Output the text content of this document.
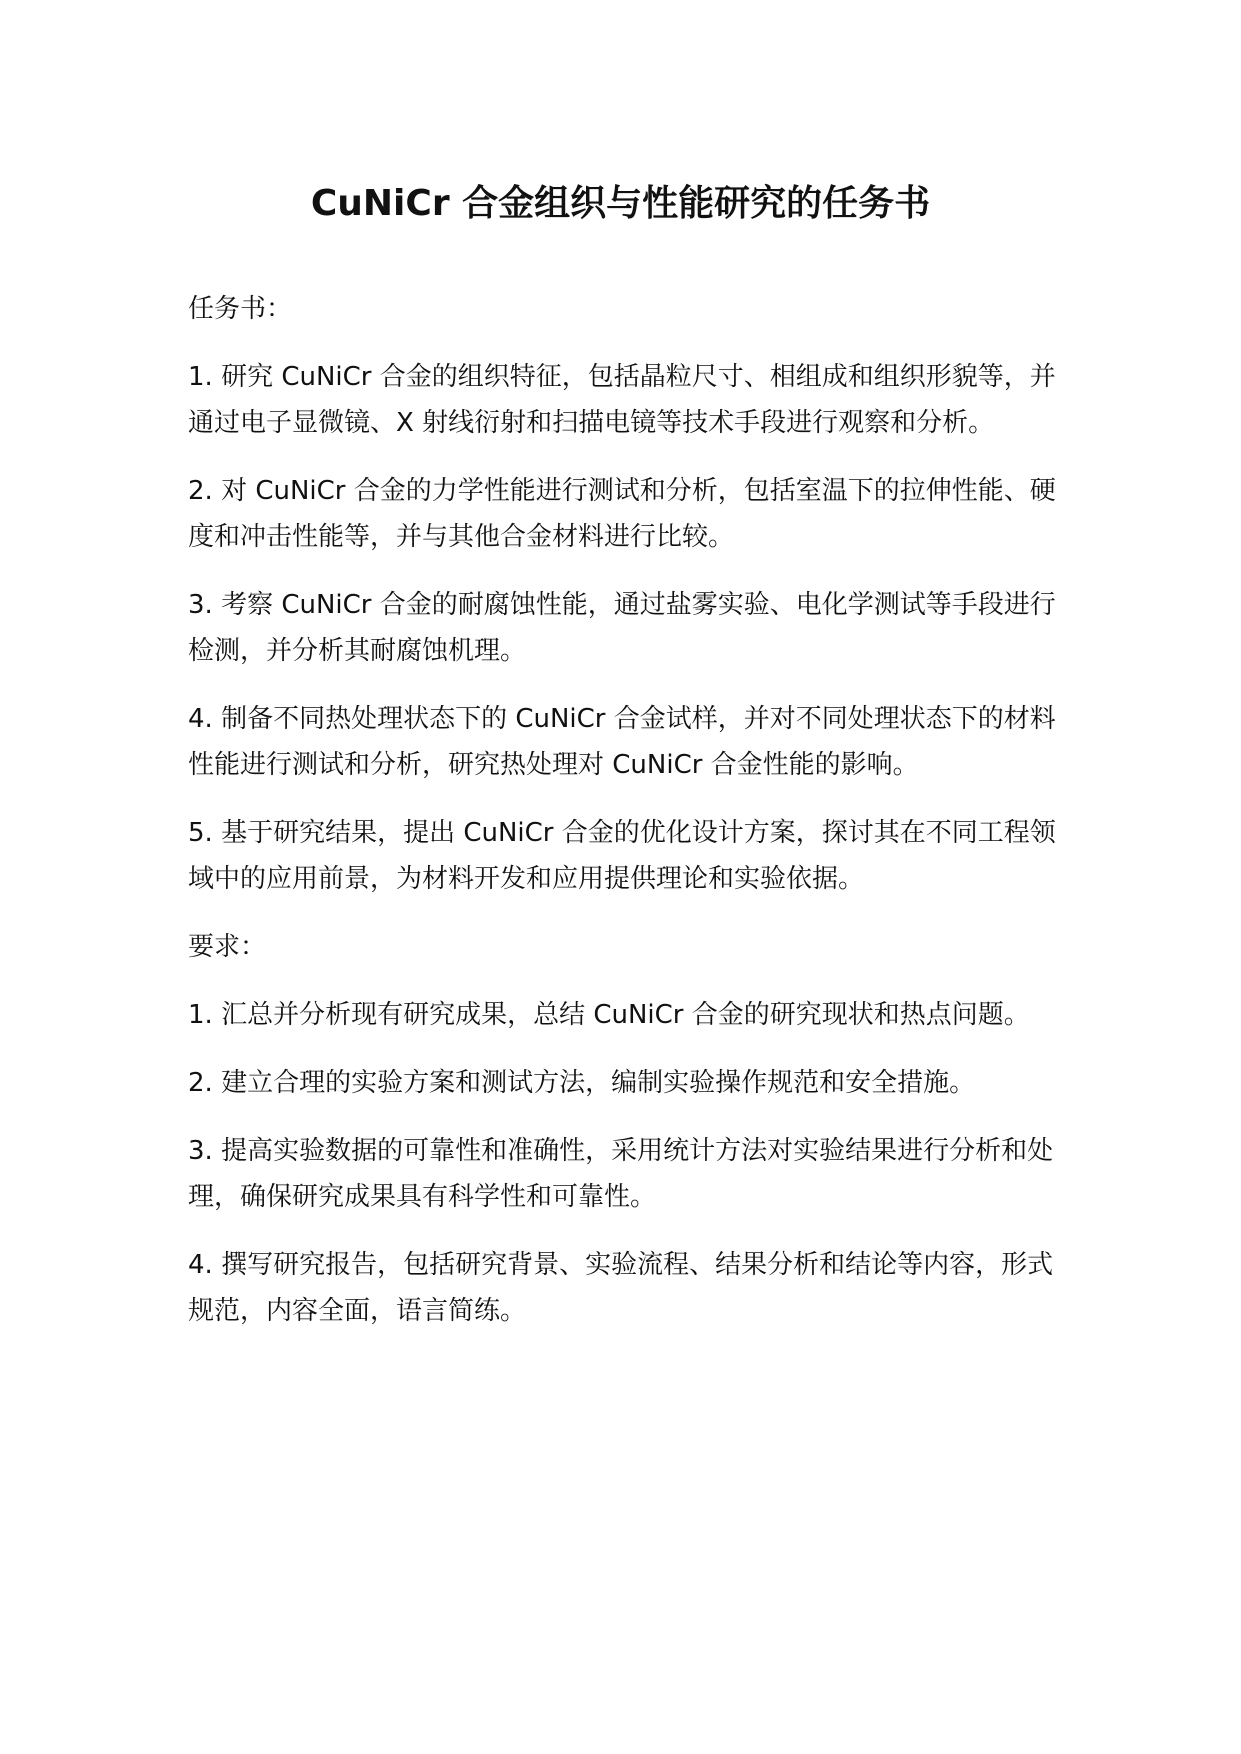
CuNiCr 合金组织与性能研究的任务书

任务书：

1. 研究 CuNiCr 合金的组织特征，包括晶粒尺寸、相组成和组织形貌等，并通过电子显微镜、X 射线衍射和扫描电镜等技术手段进行观察和分析。

2. 对 CuNiCr 合金的力学性能进行测试和分析，包括室温下的拉伸性能、硬度和冲击性能等，并与其他合金材料进行比较。

3. 考察 CuNiCr 合金的耐腐蚀性能，通过盐雾实验、电化学测试等手段进行检测，并分析其耐腐蚀机理。

4. 制备不同热处理状态下的 CuNiCr 合金试样，并对不同处理状态下的材料性能进行测试和分析，研究热处理对 CuNiCr 合金性能的影响。

5. 基于研究结果，提出 CuNiCr 合金的优化设计方案，探讨其在不同工程领域中的应用前景，为材料开发和应用提供理论和实验依据。

要求：

1. 汇总并分析现有研究成果，总结 CuNiCr 合金的研究现状和热点问题。

2. 建立合理的实验方案和测试方法，编制实验操作规范和安全措施。

3. 提高实验数据的可靠性和准确性，采用统计方法对实验结果进行分析和处理，确保研究成果具有科学性和可靠性。

4. 撰写研究报告，包括研究背景、实验流程、结果分析和结论等内容，形式规范，内容全面，语言简练。
